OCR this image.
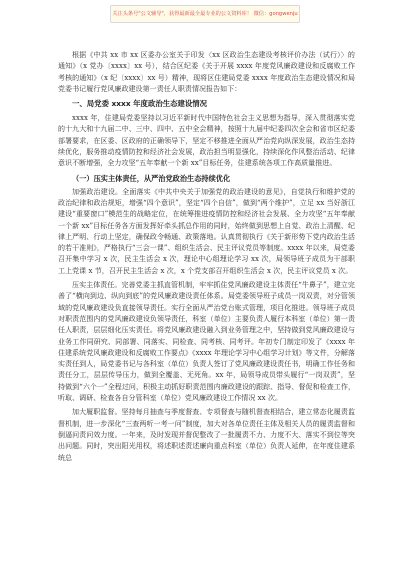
关注头条号"公文辅导"，获得最新最全最专业的公文资料库！ 微信：gongwenju

根据《中共 xx 市 xx 区委办公室关于印发〈xx 区政治生态建设考核评价办法（试行）〉的通知》（x 党办〔xxxx〕xx 号），结合区纪委《关于开展 xxxx 年度党风廉政建设和反腐败工作考核的通知》（x 纪〔xxxx〕xx 号）精神，现将区住建局党委 xxxx 年度政治生态建设情况和局党委书记履行党风廉政建设第一责任人职责情况报告如下：

一、局党委 xxxx 年度政治生态建设情况

xxxx 年，住建局党委坚持以习近平新时代中国特色社会主义思想为指导，深入贯彻落实党的十九大和十九届二中、三中、四中、五中全会精神，按照十九届中纪委四次全会和省市区纪委部署要求，在区委、区政府的正确领导下，坚定不移推进全面从严治党向纵深发展，政治生态持续优化，服务推动疫情防控和经济社会发展，政治担当明显强化，持续深化作风整治活动、纪律意识不断增强，全力攻坚“五年奉献一个新 xx”目标任务，住建系统各项工作高质量推进。

（一）压实主体责任，从严治党政治生态持续优化

加强政治建设。全面落实《中共中央关于加强党的政治建设的意见》，自觉执行和维护党的政治纪律和政治规矩，增强“四个意识”，坚定“四个自信”，做到“两个维护”，立足 xx 当好浙江建设“重要窗口”模范生的战略定位，在统筹推进疫情防控和经济社会发展、全力攻坚“五年奉献一个新 xx”目标任务各方面发挥好牵头抓总作用的同时，始终做到思想上自觉、政治上清醒、纪律上严明、行动上坚定，确保政令畅通、政策落地。认真贯彻执行《关于新形势下党内政治生活的若干准则》，严格执行“三会一课”、组织生活会、民主评议党员等制度。xxxx 年以来，局党委召开集中学习 x 次，民主生活会 x 次，理论中心组理论学习 xx 次，局领导班子成员为干部职工上党课 x 节，召开民主生活会 x 次，x 个党支部召开组织生活会 x 次，民主评议党员 x 次。

压实主体责任。完善党委主抓直管机制，牢牢抓住党风廉政建设主体责任“牛鼻子”，建立完善了“横向到边、纵向到底”的党风廉政建设责任体系。局党委领导班子成员一岗双责，对分管领域的党风廉政建设负直接领导责任。实行全面从严治党台账式管理，项目化推进。领导班子成员对职责范围内的党风廉政建设负领导责任，科室（单位）主要负责人履行本科室（单位）第一责任人职责，层层细化压实责任。将党风廉政建设融入到业务管理之中，坚持做到党风廉政建设与业务工作同研究、同部署、同落实、同检查、同考核、同考评。年初专门制定印发了《xxxx 年住建系统党风廉政建设和反腐败工作要点》《xxxx 年理论学习中心组学习计划》等文件，分解落实责任到人，局党委书记与各科室（单位）负责人签订了党风廉政建设责任书，明确工作任务和责任分工，层层传导压力，做到全覆盖、无死角。xx 年，局领导成员带头履行“一岗双责”，坚持做到“六个一”全程过问，积极主动抓好职责范围内廉政建设的跟踪、指导、督促和检查工作，听取、调研、检查各自分管科室（单位）党风廉政建设工作情况 xx 次。

加大履职监督。坚持每月抽查与季度督查、专项督查与随机督查相结合，建立常态化履责监督机制，进一步深化“三查两听一考一问”制度，加大对各单位责任主体及相关人员的履责监督和倒逼问责问效力度。一年来，及时发现并督促整改了一批履责不力、力度不大、落实不到位等突出问题。同时，突出阳光用权，将述职述责述廉向重点科室（单位）负责人延伸，在年度住建系统总
